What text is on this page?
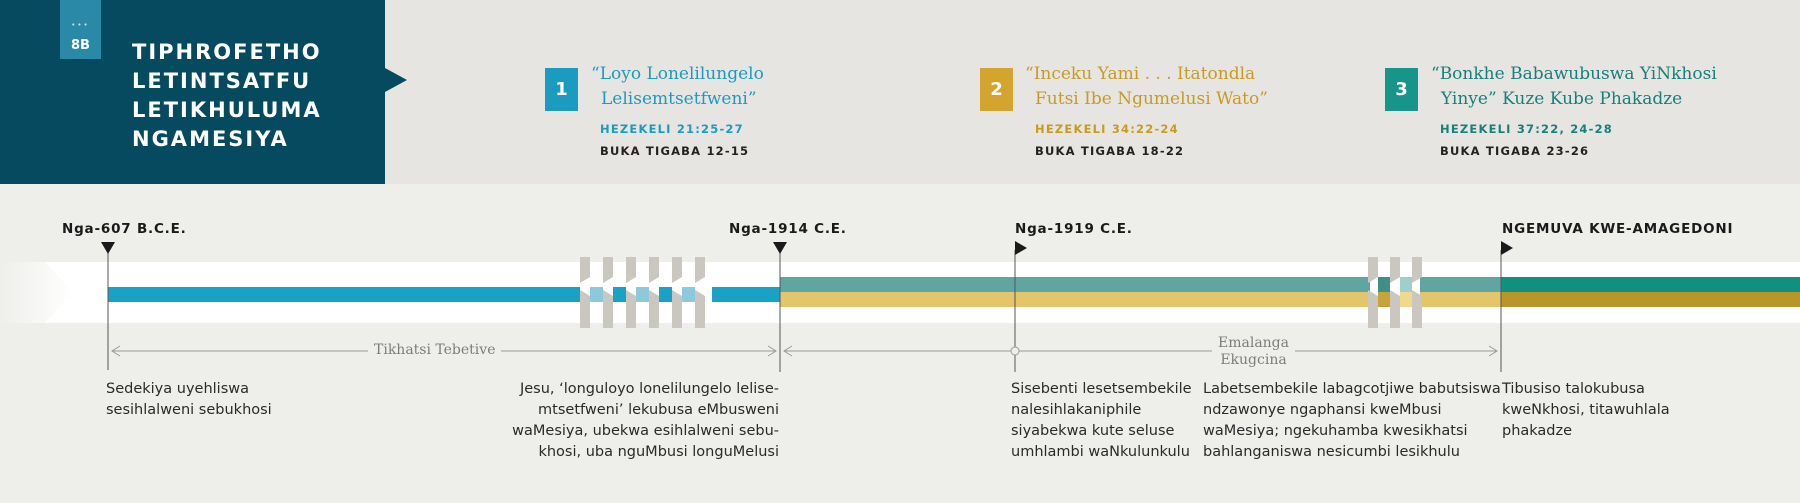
•••
8B	TIPHROFETHO
LETINTSATFU
LETIKHULUMA
NGAMESIYA
1
“Loyo Lonelilungelo
Lelisemtsetfweni”
HEZEKELI 21:25-27
BUKA TIGABA 12-15
2
“Inceku Yami . . . Itatondla
Futsi Ibe Ngumelusi Wato”
HEZEKELI 34:22-24
BUKA TIGABA 18-22
3
“Bonkhe Babawubuswa YiNkhosi
Yinye” Kuze Kube Phakadze
HEZEKELI 37:22, 24-28
BUKA TIGABA 23-26
Nga-607 B.C.E.	Nga-1914 C.E.	Nga-1919 C.E.	NGEMUVA KWE-AMAGEDONI
Tikhatsi Tebetive	Emalanga
Ekugcina
Sedekiya uyehliswa
sesihlalweni sebukhosi
Jesu, ‘longuloyo lonelilungelo lelise-
mtsetfweni’ lekubusa eMbusweni
waMesiya, ubekwa esihlalweni sebu-
khosi, uba nguMbusi longuMelusi
Sisebenti lesetsembekile
nalesihlakaniphile
siyabekwa kute seluse
umhlambi waNkulunkulu
Labetsembekile labagcotjiwe babutsiswa
ndzawonye ngaphansi kweMbusi
waMesiya; ngekuhamba kwesikhatsi
bahlanganiswa nesicumbi lesikhulu
Tibusiso talokubusa
kweNkhosi, titawuhlala
phakadze
